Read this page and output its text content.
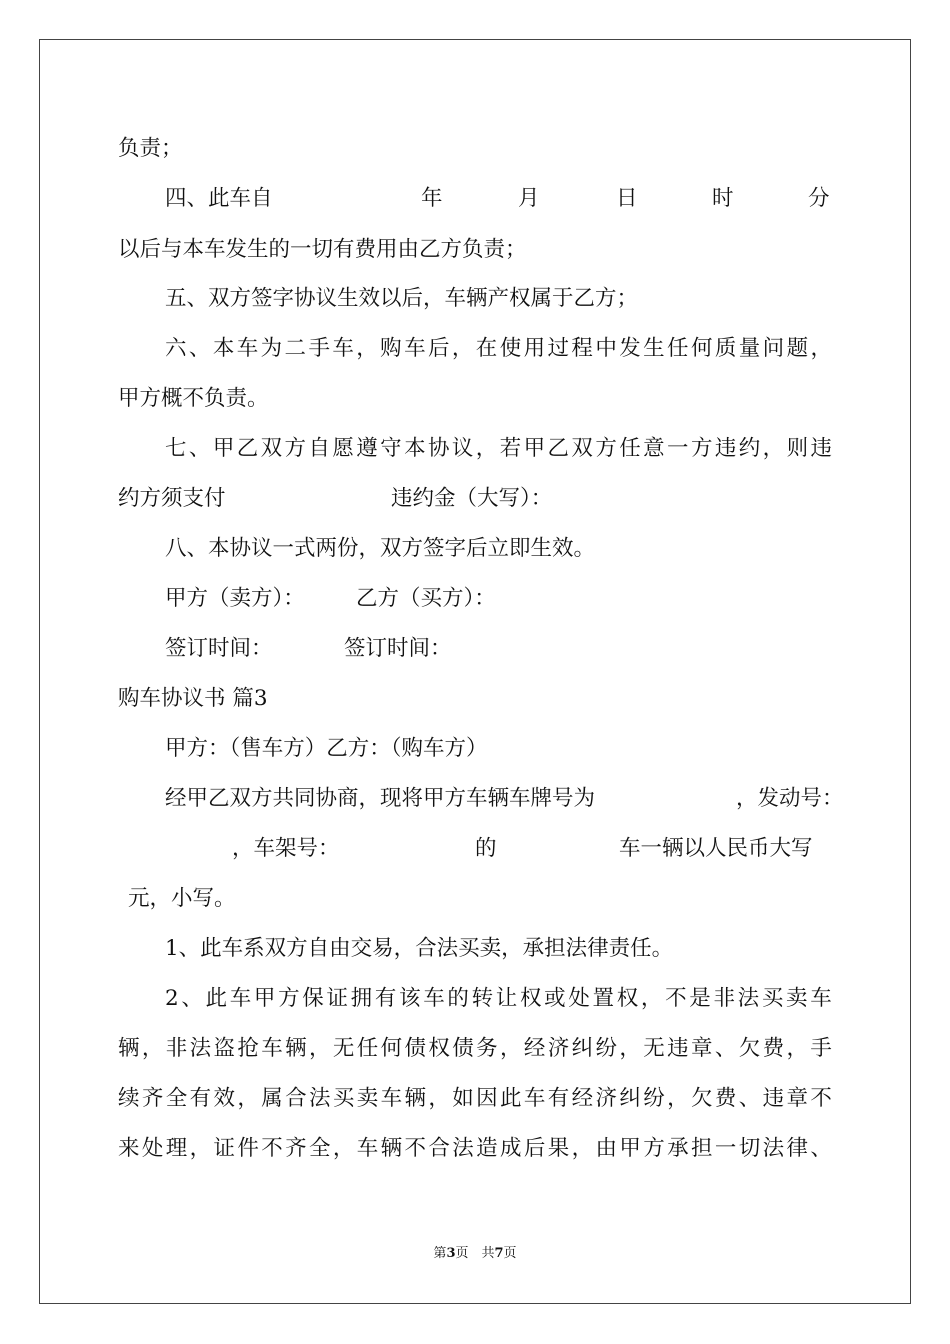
负责；
四、此车自	年	月	日	时	分
以后与本车发生的一切有费用由乙方负责；
五、双方签字协议生效以后，车辆产权属于乙方；
六 、 本 车 为 二 手 车 ， 购 车 后 ， 在 使 用 过 程 中 发 生 任 何 质 量 问 题 ，
甲方概不负责。
七 、 甲 乙 双 方 自 愿 遵 守 本 协 议 ， 若 甲 乙 双 方 任 意 一 方 违 约 ， 则 违
约方须支付	违约金（大写）：
八、本协议一式两份，双方签字后立即生效。
甲方（卖方）： 乙方（买方）：
签订时间：	签订时间：
购车协议书 篇3
甲方：（售车方）乙方：（购车方）
经甲乙双方共同协商，现将甲方车辆车牌号为	，发动号：
，车架号：	的	车一辆以人民币大写
元，小写。
1、此车系双方自由交易，合法买卖，承担法律责任。
2 、 此 车 甲 方 保 证 拥 有 该 车 的 转 让 权 或 处 置 权 ， 不 是 非 法 买 卖 车
辆 ， 非 法 盗 抢 车 辆 ， 无 任 何 债 权 债 务 ， 经 济 纠 纷 ， 无 违 章 、 欠 费 ， 手
续 齐 全 有 效 ， 属 合 法 买 卖 车 辆 ， 如 因 此 车 有 经 济 纠 纷 ， 欠 费 、 违 章 不
来 处 理 ， 证 件 不 齐 全 ， 车 辆 不 合 法 造 成 后 果 ， 由 甲 方 承 担 一 切 法 律 、
第3页　共7页
